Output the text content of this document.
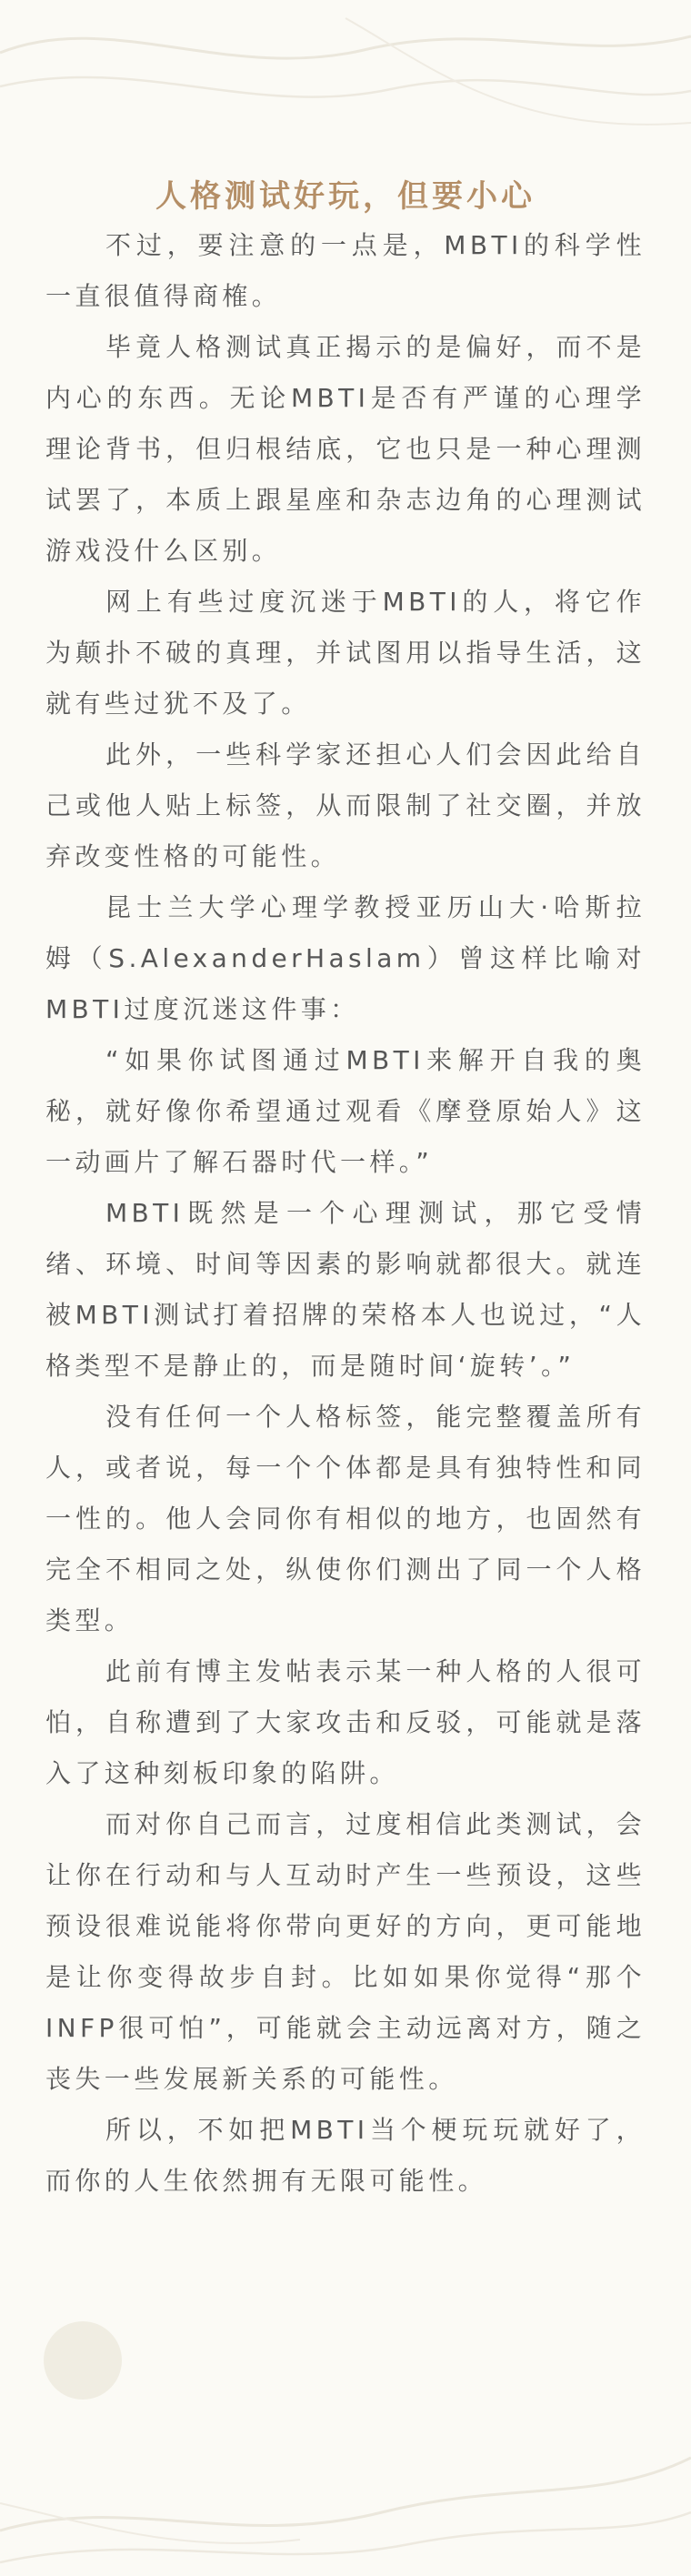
人格测试好玩，但要小心

不过，要注意的一点是，MBTI的科学性一直很值得商榷。

毕竟人格测试真正揭示的是偏好，而不是内心的东西。无论MBTI是否有严谨的心理学理论背书，但归根结底，它也只是一种心理测试罢了，本质上跟星座和杂志边角的心理测试游戏没什么区别。

网上有些过度沉迷于MBTI的人，将它作为颠扑不破的真理，并试图用以指导生活，这就有些过犹不及了。

此外，一些科学家还担心人们会因此给自己或他人贴上标签，从而限制了社交圈，并放弃改变性格的可能性。

昆士兰大学心理学教授亚历山大·哈斯拉姆（S.AlexanderHaslam）曾这样比喻对MBTI过度沉迷这件事：

“如果你试图通过MBTI来解开自我的奥秘，就好像你希望通过观看《摩登原始人》这一动画片了解石器时代一样。”

MBTI既然是一个心理测试，那它受情绪、环境、时间等因素的影响就都很大。就连被MBTI测试打着招牌的荣格本人也说过，“人格类型不是静止的，而是随时间‘旋转’。”

没有任何一个人格标签，能完整覆盖所有人，或者说，每一个个体都是具有独特性和同一性的。他人会同你有相似的地方，也固然有完全不相同之处，纵使你们测出了同一个人格类型。

此前有博主发帖表示某一种人格的人很可怕，自称遭到了大家攻击和反驳，可能就是落入了这种刻板印象的陷阱。

而对你自己而言，过度相信此类测试，会让你在行动和与人互动时产生一些预设，这些预设很难说能将你带向更好的方向，更可能地是让你变得故步自封。比如如果你觉得“那个INFP很可怕”，可能就会主动远离对方，随之丧失一些发展新关系的可能性。

所以，不如把MBTI当个梗玩玩就好了，而你的人生依然拥有无限可能性。
